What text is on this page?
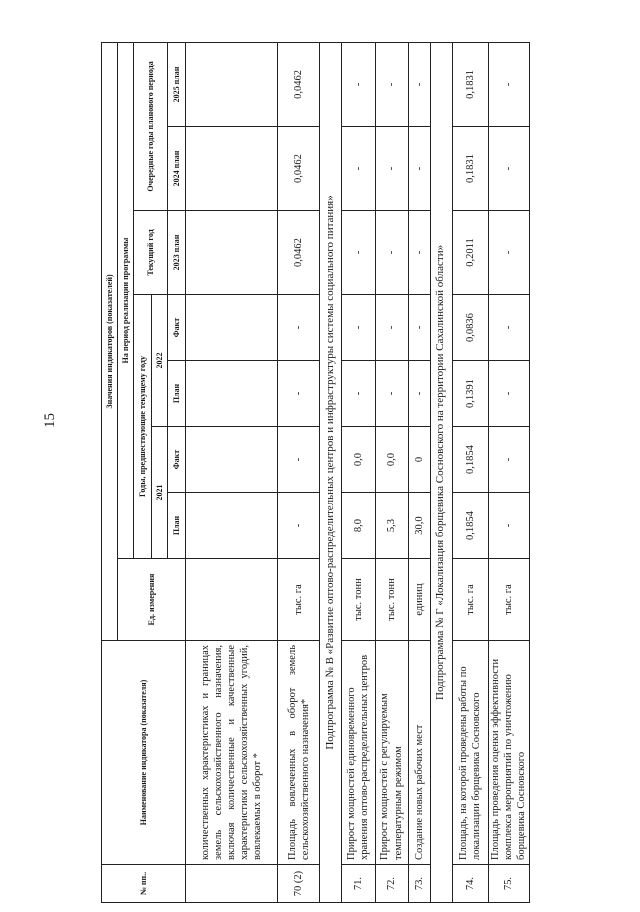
15
№ пп..	Наименование индикатора (показателя)	Значения индикаторов (показателей)							
		Ед. измерения	На период реализации программы						
			Годы, предшествующие текущему году				Текущий год	Очередные годы планового периода	
			2021		2022				
			План	Факт	План	Факт	2023 план	2024 план	2025 план
	количественных характеристиках и границах земель сельскохозяйственного назначения, включая количественные и качественные характеристики сельскохозяйственных угодий, вовлекаемых в оборот *								
70 (2)	Площадь вовлеченных в оборот земель сельскохозяйственного назначения*	тыс. га	-	-	-	-	0,0462	0,0462	0,0462
Подпрограмма № В «Развитие оптово-распределительных центров и инфраструктуры системы социального питания»									
71.	Прирост мощностей единовременного хранения оптово-распределительных центров	тыс. тонн	8,0	0,0	-	-	-	-	-
72.	Прирост мощностей с регулируемым температурным режимом	тыс. тонн	5,3	0,0	-	-	-	-	-
73.	Создание новых рабочих мест	единиц	30,0	0	-	-	-	-	-
Подпрограмма № Г «Локализация борщевика Сосновского на территории Сахалинской области»									
74.	Площадь, на которой проведены работы по локализации борщевика Сосновского	тыс. га	0,1854	0,1854	0,1391	0,0836	0,2011	0,1831	0,1831
75.	Площадь проведения оценки эффективности комплекса мероприятий по уничтожению борщевика Сосновского	тыс. га	-	-	-	-	-	-	-
